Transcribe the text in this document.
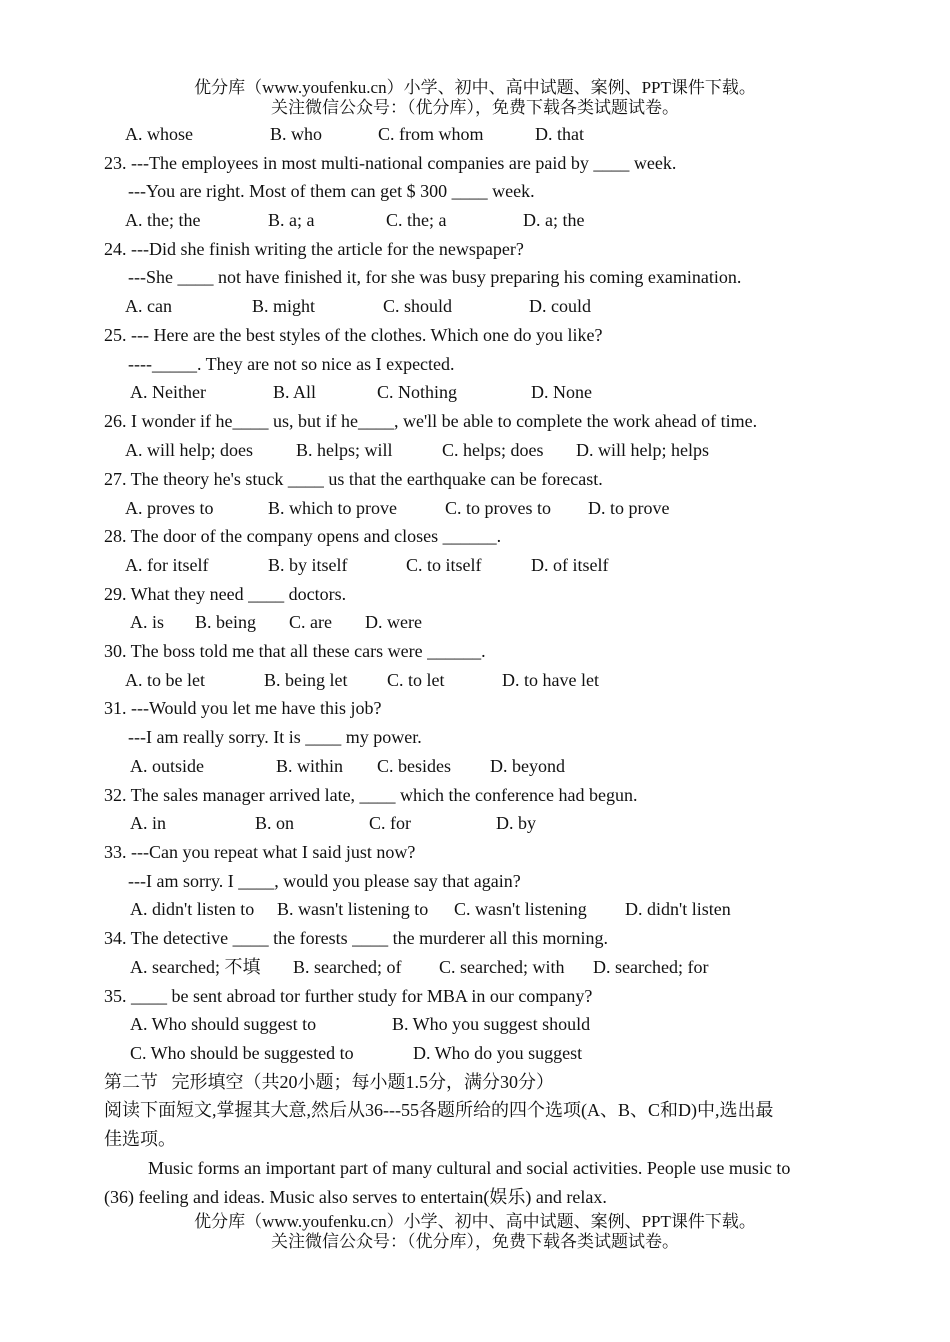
优分库（www.youfenku.cn）小学、初中、高中试题、案例、PPT课件下载。
关注微信公众号：（优分库），免费下载各类试题试卷。
A. whose	B. who	C. from whom	D. that
23. ---The employees in most multi-national companies are paid by ____ week.
---You are right. Most of them can get $ 300 ____ week.
A. the; the	B. a; a	C. the; a	D. a; the
24. ---Did she finish writing the article for the newspaper?
---She ____ not have finished it, for she was busy preparing his coming examination.
A. can	B. might	C. should	D. could
25. --- Here are the best styles of the clothes. Which one do you like?
----_____. They are not so nice as I expected.
A. Neither	B. All	C. Nothing	D. None
26. I wonder if he____ us, but if he____, we'll be able to complete the work ahead of time.
A. will help; does B. helps; will	C. helps; does D. will help; helps
27. The theory he's stuck ____ us that the earthquake can be forecast.
A. proves to	B. which to prove	C. to proves to D. to prove
28. The door of the company opens and closes ______.
A. for itself	B. by itself	C. to itself	D. of itself
29. What they need ____ doctors.
A. is B. being C. are D. were
30. The boss told me that all these cars were ______.
A. to be let	B. being let C. to let	D. to have let
31. ---Would you let me have this job?
---I am really sorry. It is ____ my power.
A. outside	B. within C. besides D. beyond
32. The sales manager arrived late, ____ which the conference had begun.
A. in	B. on	C. for	D. by
33. ---Can you repeat what I said just now?
---I am sorry. I ____, would you please say that again?
A. didn't listen to B. wasn't listening to C. wasn't listening D. didn't listen
34. The detective ____ the forests ____ the murderer all this morning.
A. searched; 不填 B. searched; of C. searched; with D. searched; for
35. ____ be sent abroad tor further study for MBA in our company?
A. Who should suggest to	B. Who you suggest should
C. Who should be suggested to	D. Who do you suggest
第二节   完形填空（共20小题；每小题1.5分，满分30分）
阅读下面短文,掌握其大意,然后从36---55各题所给的四个选项(A、B、C和D)中,选出最
佳选项。
Music forms an important part of many cultural and social activities. People use music to
(36) feeling and ideas. Music also serves to entertain(娱乐) and relax.
优分库（www.youfenku.cn）小学、初中、高中试题、案例、PPT课件下载。
关注微信公众号：（优分库），免费下载各类试题试卷。
